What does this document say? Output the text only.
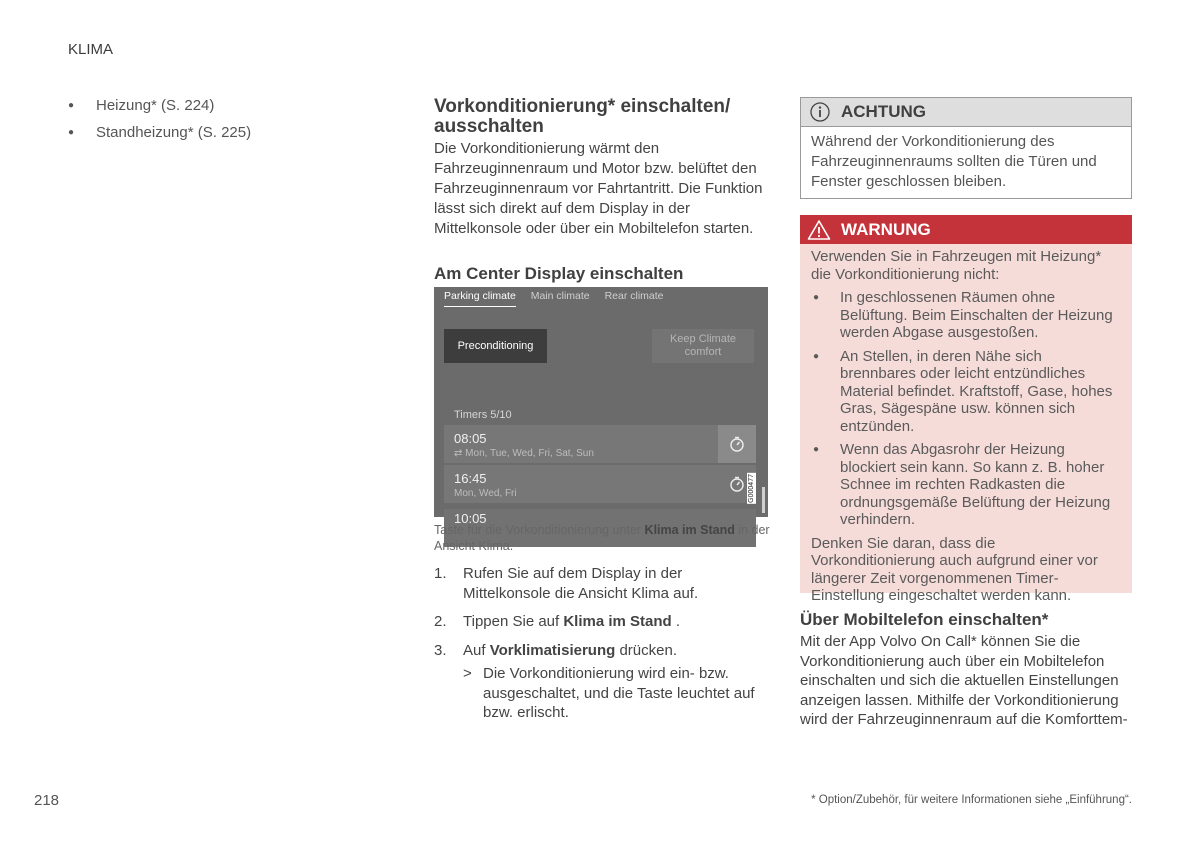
KLIMA
● Heizung* (S. 224)
● Standheizung* (S. 225)
Vorkonditionierung* einschalten/ ausschalten

Die Vorkonditionierung wärmt den Fahrzeuginnenraum und Motor bzw. belüftet den Fahrzeuginnenraum vor Fahrtantritt. Die Funktion lässt sich direkt auf dem Display in der Mittelkonsole oder über ein Mobiltelefon starten.

Am Center Display einschalten
Parking climate Main climate Rear climate
Preconditioning
Keep Climate comfort
Timers 5/10
08:05
⇄ Mon, Tue, Wed, Fri, Sat, Sun
16:45
Mon, Wed, Fri
10:05
G000477
Taste für die Vorkonditionierung unter Klima im Stand in der Ansicht Klima.
1. Rufen Sie auf dem Display in der Mittelkonsole die Ansicht Klima auf.
2. Tippen Sie auf Klima im Stand .
3. Auf Vorklimatisierung drücken.
> Die Vorkonditionierung wird ein- bzw. ausgeschaltet, und die Taste leuchtet auf bzw. erlischt.
ACHTUNG
Während der Vorkonditionierung des Fahrzeuginnenraums sollten die Türen und Fenster geschlossen bleiben.
WARNUNG
Verwenden Sie in Fahrzeugen mit Heizung* die Vorkonditionierung nicht:
● In geschlossenen Räumen ohne Belüftung. Beim Einschalten der Heizung werden Abgase ausgestoßen.
● An Stellen, in deren Nähe sich brennbares oder leicht entzündliches Material befindet. Kraftstoff, Gase, hohes Gras, Sägespäne usw. können sich entzünden.
● Wenn das Abgasrohr der Heizung blockiert sein kann. So kann z. B. hoher Schnee im rechten Radkasten die ordnungsgemäße Belüftung der Heizung verhindern.
Denken Sie daran, dass die Vorkonditionierung auch aufgrund einer vor längerer Zeit vorgenommenen Timer-Einstellung eingeschaltet werden kann.
Über Mobiltelefon einschalten*

Mit der App Volvo On Call* können Sie die Vorkonditionierung auch über ein Mobiltelefon einschalten und sich die aktuellen Einstellungen anzeigen lassen. Mithilfe der Vorkonditionierung wird der Fahrzeuginnenraum auf die Komforttem-

218	* Option/Zubehör, für weitere Informationen siehe „Einführung“.
